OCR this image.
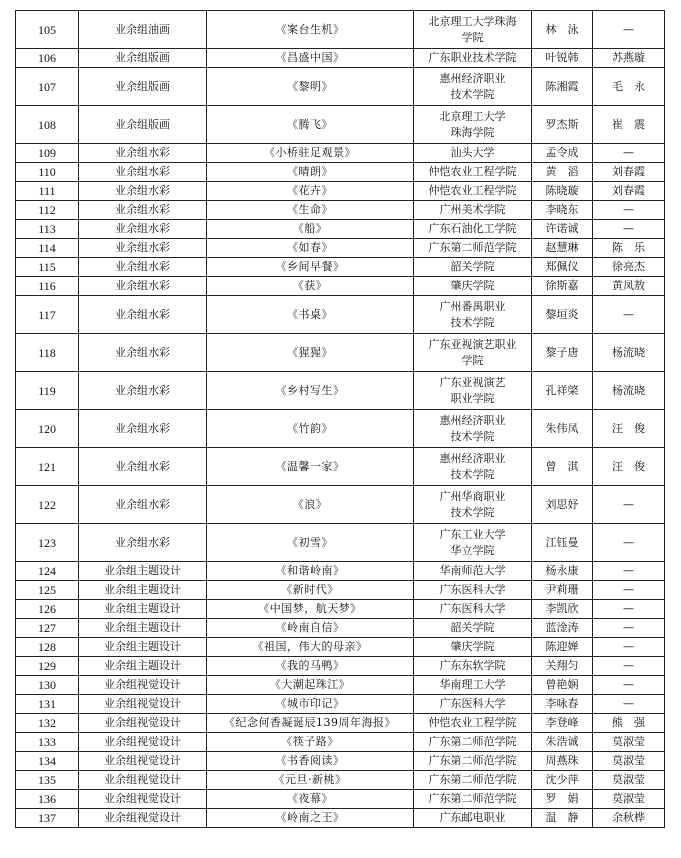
105	业余组油画	《案台生机》	北京理工大学珠海
学院	林　泳	—
106	业余组版画	《昌盛中国》	广东职业技术学院	叶锐韩	苏燕璇
107	业余组版画	《黎明》	惠州经济职业
技术学院	陈湘霞	毛　永
108	业余组版画	《腾飞》	北京理工大学
珠海学院	罗杰斯	崔　震
109	业余组水彩	《小桥驻足观景》	汕头大学	孟令成	—
110	业余组水彩	《晴朗》	仲恺农业工程学院	黄　滔	刘春霞
111	业余组水彩	《花卉》	仲恺农业工程学院	陈晓璇	刘春霞
112	业余组水彩	《生命》	广州美术学院	李晓东	—
113	业余组水彩	《船》	广东石油化工学院	许诺诚	—
114	业余组水彩	《如春》	广东第二师范学院	赵慧琳	陈　乐
115	业余组水彩	《乡间早餐》	韶关学院	郑佩仪	徐亮杰
116	业余组水彩	《获》	肇庆学院	徐斯嘉	黄凤敖
117	业余组水彩	《书桌》	广州番禺职业
技术学院	黎垣炎	—
118	业余组水彩	《猩猩》	广东亚视演艺职业
学院	黎子唐	杨流晓
119	业余组水彩	《乡村写生》	广东亚视演艺
职业学院	孔祥棨	杨流晓
120	业余组水彩	《竹韵》	惠州经济职业
技术学院	朱伟凤	汪　俊
121	业余组水彩	《温馨一家》	惠州经济职业
技术学院	曾　淇	汪　俊
122	业余组水彩	《浪》	广州华商职业
技术学院	刘思妤	—
123	业余组水彩	《初雪》	广东工业大学
华立学院	江钰曼	—
124	业余组主题设计	《和谐岭南》	华南师范大学	杨永康	—
125	业余组主题设计	《新时代》	广东医科大学	尹莉珊	—
126	业余组主题设计	《中国梦，航天梦》	广东医科大学	李凯欣	—
127	业余组主题设计	《岭南自信》	韶关学院	蓝淦涛	—
128	业余组主题设计	《祖国，伟大的母亲》	肇庆学院	陈迎婵	—
129	业余组主题设计	《我的马鸭》	广东东软学院	关翔匀	—
130	业余组视觉设计	《大潮起珠江》	华南理工大学	曾艳娴	—
131	业余组视觉设计	《城市印记》	广东医科大学	李咏春	—
132	业余组视觉设计	《纪念何香凝诞辰139周年海报》	仲恺农业工程学院	李登峰	熊　强
133	业余组视觉设计	《筷子路》	广东第二师范学院	朱浩诚	莫淑莹
134	业余组视觉设计	《书香阅读》	广东第二师范学院	周燕珠	莫淑莹
135	业余组视觉设计	《元旦·新桃》	广东第二师范学院	沈少萍	莫淑莹
136	业余组视觉设计	《夜幕》	广东第二师范学院	罗　娟	莫淑莹
137	业余组视觉设计	《岭南之王》	广东邮电职业	温　静	余秋桦
